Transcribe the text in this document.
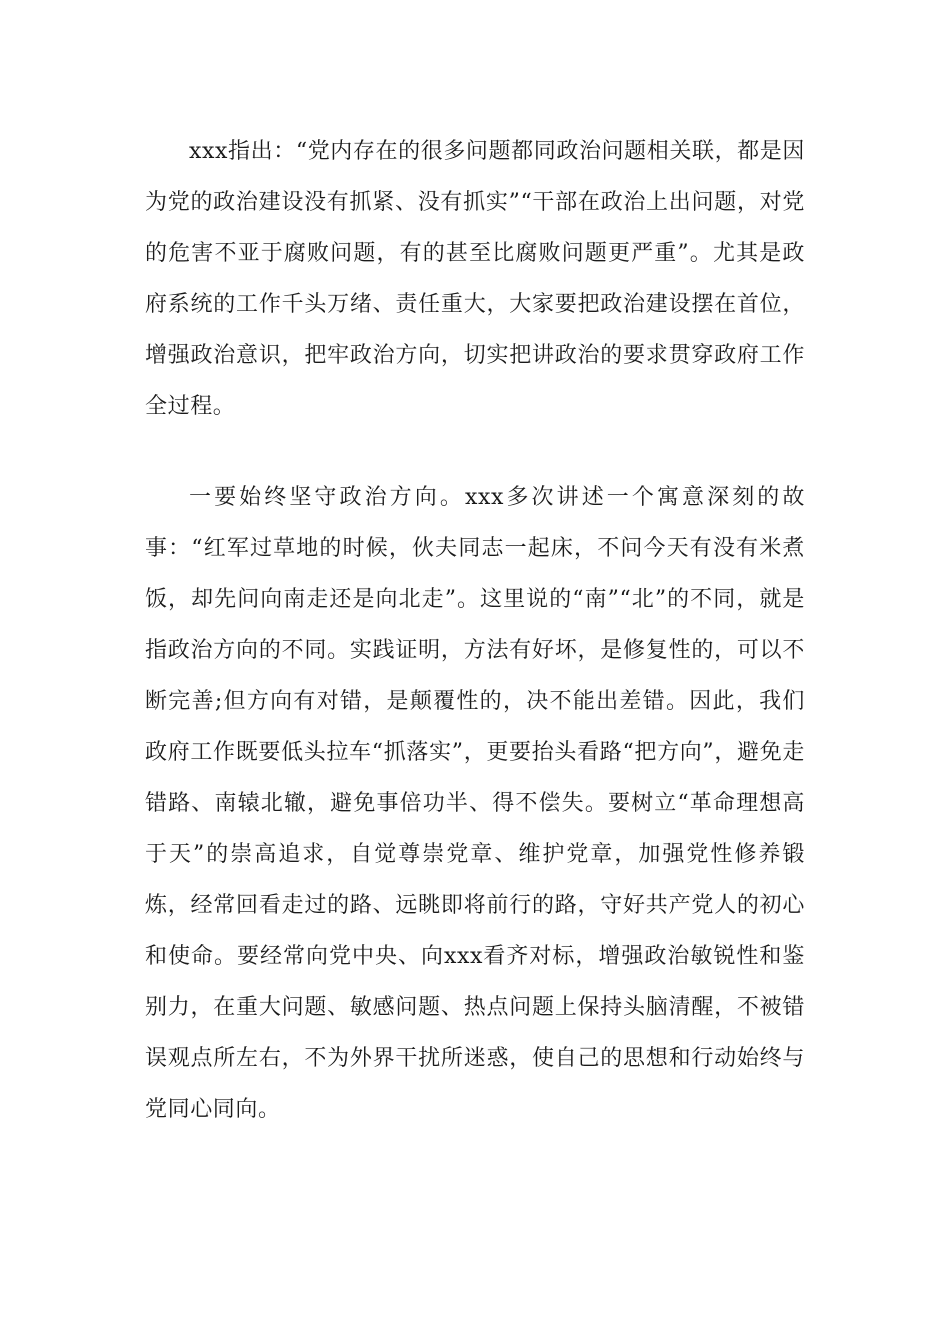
xxx指出：“党内存在的很多问题都同政治问题相关联，都是因为党的政治建设没有抓紧、没有抓实”“干部在政治上出问题，对党的危害不亚于腐败问题，有的甚至比腐败问题更严重”。尤其是政府系统的工作千头万绪、责任重大，大家要把政治建设摆在首位，增强政治意识，把牢政治方向，切实把讲政治的要求贯穿政府工作全过程。

一要始终坚守政治方向。xxx多次讲述一个寓意深刻的故事：“红军过草地的时候，伙夫同志一起床，不问今天有没有米煮饭，却先问向南走还是向北走”。这里说的“南”“北”的不同，就是指政治方向的不同。实践证明，方法有好坏，是修复性的，可以不断完善;但方向有对错，是颠覆性的，决不能出差错。因此，我们政府工作既要低头拉车“抓落实”，更要抬头看路“把方向”，避免走错路、南辕北辙，避免事倍功半、得不偿失。要树立“革命理想高于天”的崇高追求，自觉尊崇党章、维护党章，加强党性修养锻炼，经常回看走过的路、远眺即将前行的路，守好共产党人的初心和使命。要经常向党中央、向xxx看齐对标，增强政治敏锐性和鉴别力，在重大问题、敏感问题、热点问题上保持头脑清醒，不被错误观点所左右，不为外界干扰所迷惑，使自己的思想和行动始终与党同心同向。
